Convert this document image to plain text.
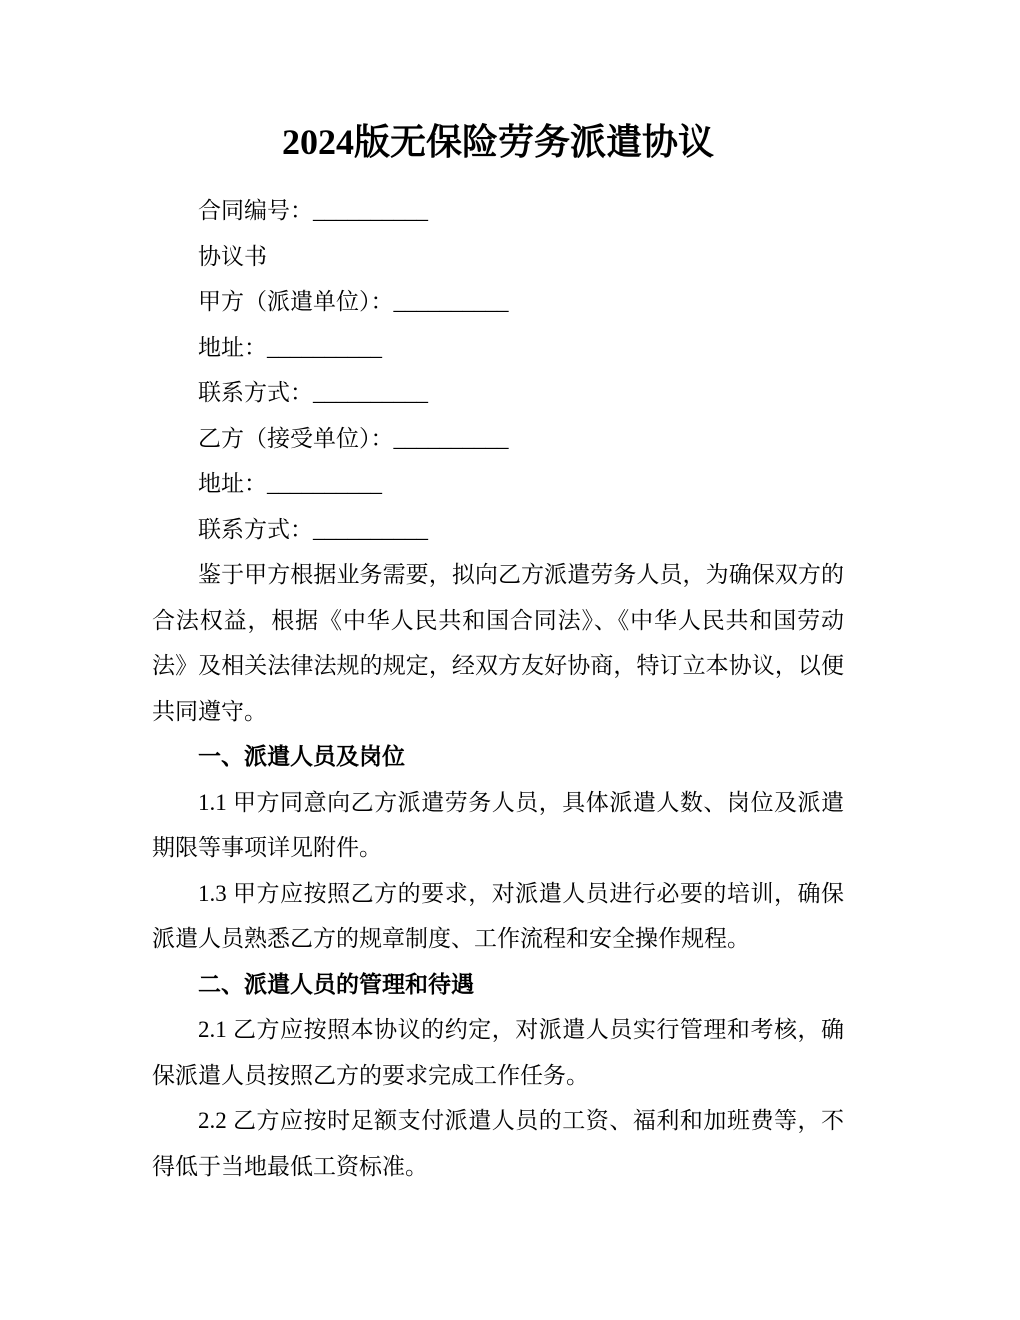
2024版无保险劳务派遣协议

合同编号：__________

协议书

甲方（派遣单位）：__________

地址：__________

联系方式：__________

乙方（接受单位）：__________

地址：__________

联系方式：__________

鉴于甲方根据业务需要，拟向乙方派遣劳务人员，为确保双方的合法权益，根据《中华人民共和国合同法》、《中华人民共和国劳动法》及相关法律法规的规定，经双方友好协商，特订立本协议，以便共同遵守。

一、派遣人员及岗位

1.1 甲方同意向乙方派遣劳务人员，具体派遣人数、岗位及派遣期限等事项详见附件。

1.3 甲方应按照乙方的要求，对派遣人员进行必要的培训，确保派遣人员熟悉乙方的规章制度、工作流程和安全操作规程。

二、派遣人员的管理和待遇

2.1 乙方应按照本协议的约定，对派遣人员实行管理和考核，确保派遣人员按照乙方的要求完成工作任务。

2.2 乙方应按时足额支付派遣人员的工资、福利和加班费等，不得低于当地最低工资标准。
